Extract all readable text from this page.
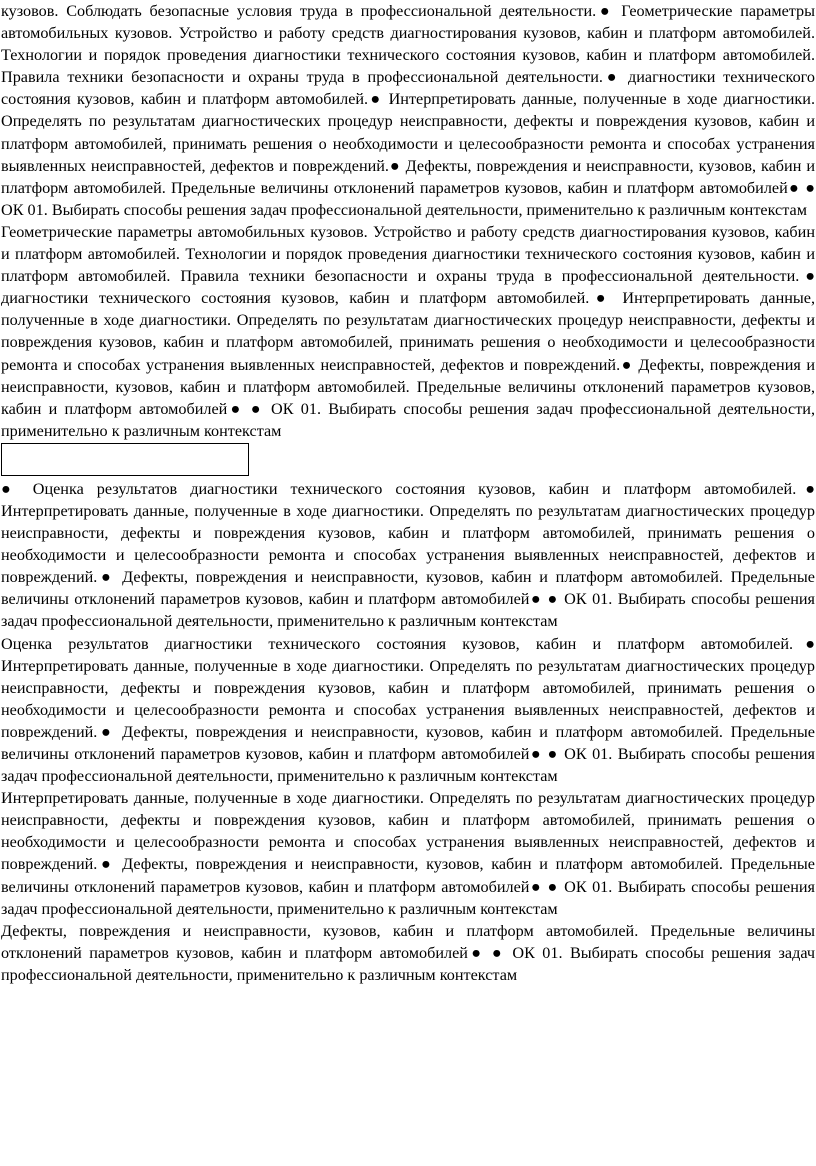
кузовов. Соблюдать безопасные условия труда в профессиональной деятельности.● Геометрические параметры автомобильных кузовов. Устройство и работу средств диагностирования кузовов, кабин и платформ автомобилей. Технологии и порядок проведения диагностики технического состояния кузовов, кабин и платформ автомобилей. Правила техники безопасности и охраны труда в профессиональной деятельности.● диагностики технического состояния кузовов, кабин и платформ автомобилей.● Интерпретировать данные, полученные в ходе диагностики. Определять по результатам диагностических процедур неисправности, дефекты и повреждения кузовов, кабин и платформ автомобилей, принимать решения о необходимости и целесообразности ремонта и способах устранения выявленных неисправностей, дефектов и повреждений.● Дефекты, повреждения и неисправности, кузовов, кабин и платформ автомобилей. Предельные величины отклонений параметров кузовов, кабин и платформ автомобилей● ● ОК 01. Выбирать способы решения задач профессиональной деятельности, применительно к различным контекстам

Геометрические параметры автомобильных кузовов. Устройство и работу средств диагностирования кузовов, кабин и платформ автомобилей. Технологии и порядок проведения диагностики технического состояния кузовов, кабин и платформ автомобилей. Правила техники безопасности и охраны труда в профессиональной деятельности.● диагностики технического состояния кузовов, кабин и платформ автомобилей.● Интерпретировать данные, полученные в ходе диагностики. Определять по результатам диагностических процедур неисправности, дефекты и повреждения кузовов, кабин и платформ автомобилей, принимать решения о необходимости и целесообразности ремонта и способах устранения выявленных неисправностей, дефектов и повреждений.● Дефекты, повреждения и неисправности, кузовов, кабин и платформ автомобилей. Предельные величины отклонений параметров кузовов, кабин и платформ автомобилей● ● ОК 01. Выбирать способы решения задач профессиональной деятельности, применительно к различным контекстам

● Оценка результатов диагностики технического состояния кузовов, кабин и платформ автомобилей.● Интерпретировать данные, полученные в ходе диагностики. Определять по результатам диагностических процедур неисправности, дефекты и повреждения кузовов, кабин и платформ автомобилей, принимать решения о необходимости и целесообразности ремонта и способах устранения выявленных неисправностей, дефектов и повреждений.● Дефекты, повреждения и неисправности, кузовов, кабин и платформ автомобилей. Предельные величины отклонений параметров кузовов, кабин и платформ автомобилей● ● ОК 01. Выбирать способы решения задач профессиональной деятельности, применительно к различным контекстам

Оценка результатов диагностики технического состояния кузовов, кабин и платформ автомобилей.● Интерпретировать данные, полученные в ходе диагностики. Определять по результатам диагностических процедур неисправности, дефекты и повреждения кузовов, кабин и платформ автомобилей, принимать решения о необходимости и целесообразности ремонта и способах устранения выявленных неисправностей, дефектов и повреждений.● Дефекты, повреждения и неисправности, кузовов, кабин и платформ автомобилей. Предельные величины отклонений параметров кузовов, кабин и платформ автомобилей● ● ОК 01. Выбирать способы решения задач профессиональной деятельности, применительно к различным контекстам

Интерпретировать данные, полученные в ходе диагностики. Определять по результатам диагностических процедур неисправности, дефекты и повреждения кузовов, кабин и платформ автомобилей, принимать решения о необходимости и целесообразности ремонта и способах устранения выявленных неисправностей, дефектов и повреждений.● Дефекты, повреждения и неисправности, кузовов, кабин и платформ автомобилей. Предельные величины отклонений параметров кузовов, кабин и платформ автомобилей● ● ОК 01. Выбирать способы решения задач профессиональной деятельности, применительно к различным контекстам

Дефекты, повреждения и неисправности, кузовов, кабин и платформ автомобилей. Предельные величины отклонений параметров кузовов, кабин и платформ автомобилей● ● ОК 01. Выбирать способы решения задач профессиональной деятельности, применительно к различным контекстам
